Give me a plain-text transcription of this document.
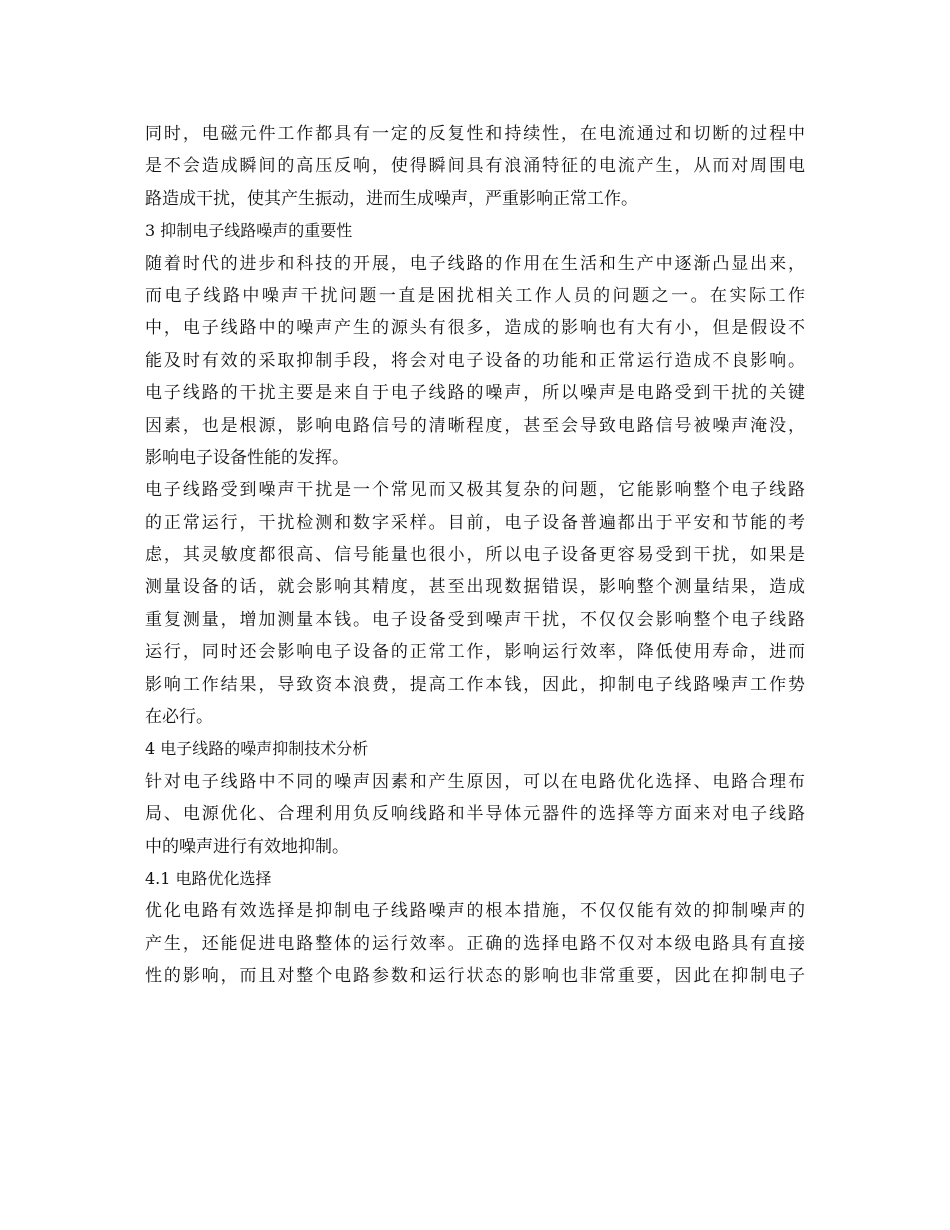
同时，电磁元件工作都具有一定的反复性和持续性，在电流通过和切断的过程中
是不会造成瞬间的高压反响，使得瞬间具有浪涌特征的电流产生，从而对周围电
路造成干扰，使其产生振动，进而生成噪声，严重影响正常工作。
3 抑制电子线路噪声的重要性
随着时代的进步和科技的开展，电子线路的作用在生活和生产中逐渐凸显出来，
而电子线路中噪声干扰问题一直是困扰相关工作人员的问题之一。在实际工作
中，电子线路中的噪声产生的源头有很多，造成的影响也有大有小，但是假设不
能及时有效的采取抑制手段，将会对电子设备的功能和正常运行造成不良影响。
电子线路的干扰主要是来自于电子线路的噪声，所以噪声是电路受到干扰的关键
因素，也是根源，影响电路信号的清晰程度，甚至会导致电路信号被噪声淹没，
影响电子设备性能的发挥。
电子线路受到噪声干扰是一个常见而又极其复杂的问题，它能影响整个电子线路
的正常运行，干扰检测和数字采样。目前，电子设备普遍都出于平安和节能的考
虑，其灵敏度都很高、信号能量也很小，所以电子设备更容易受到干扰，如果是
测量设备的话，就会影响其精度，甚至出现数据错误，影响整个测量结果，造成
重复测量，增加测量本钱。电子设备受到噪声干扰，不仅仅会影响整个电子线路
运行，同时还会影响电子设备的正常工作，影响运行效率，降低使用寿命，进而
影响工作结果，导致资本浪费，提高工作本钱，因此，抑制电子线路噪声工作势
在必行。
4 电子线路的噪声抑制技术分析
针对电子线路中不同的噪声因素和产生原因，可以在电路优化选择、电路合理布
局、电源优化、合理利用负反响线路和半导体元器件的选择等方面来对电子线路
中的噪声进行有效地抑制。
4.1 电路优化选择
优化电路有效选择是抑制电子线路噪声的根本措施，不仅仅能有效的抑制噪声的
产生，还能促进电路整体的运行效率。正确的选择电路不仅对本级电路具有直接
性的影响，而且对整个电路参数和运行状态的影响也非常重要，因此在抑制电子
